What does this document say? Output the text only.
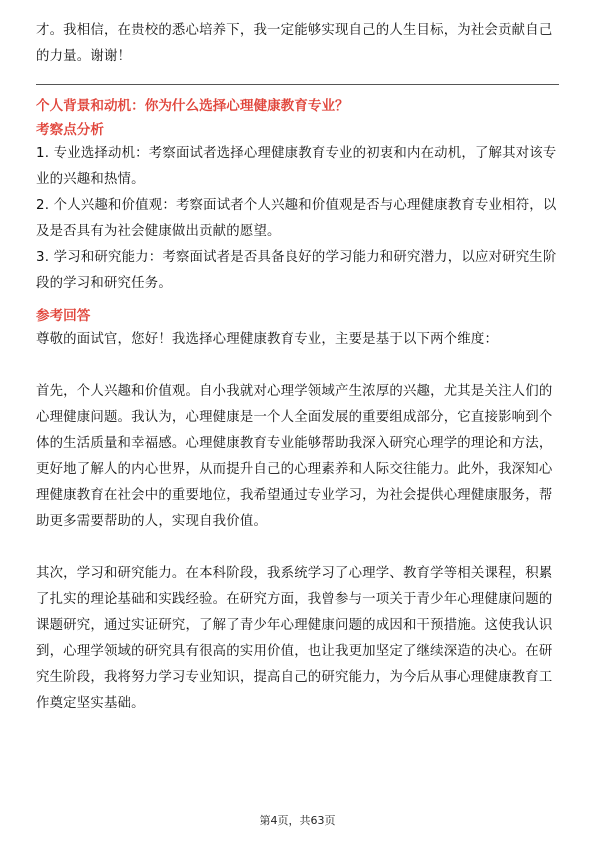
才。我相信，在贵校的悉心培养下，我一定能够实现自己的人生目标，为社会贡献自己的力量。谢谢！

个人背景和动机：你为什么选择心理健康教育专业？
考察点分析

1. 专业选择动机：考察面试者选择心理健康教育专业的初衷和内在动机，了解其对该专业的兴趣和热情。

2. 个人兴趣和价值观：考察面试者个人兴趣和价值观是否与心理健康教育专业相符，以及是否具有为社会健康做出贡献的愿望。

3. 学习和研究能力：考察面试者是否具备良好的学习能力和研究潜力，以应对研究生阶段的学习和研究任务。

参考回答

尊敬的面试官，您好！我选择心理健康教育专业，主要是基于以下两个维度：

首先，个人兴趣和价值观。自小我就对心理学领域产生浓厚的兴趣，尤其是关注人们的心理健康问题。我认为，心理健康是一个人全面发展的重要组成部分，它直接影响到个体的生活质量和幸福感。心理健康教育专业能够帮助我深入研究心理学的理论和方法，更好地了解人的内心世界，从而提升自己的心理素养和人际交往能力。此外，我深知心理健康教育在社会中的重要地位，我希望通过专业学习，为社会提供心理健康服务，帮助更多需要帮助的人，实现自我价值。

其次，学习和研究能力。在本科阶段，我系统学习了心理学、教育学等相关课程，积累了扎实的理论基础和实践经验。在研究方面，我曾参与一项关于青少年心理健康问题的课题研究，通过实证研究，了解了青少年心理健康问题的成因和干预措施。这使我认识到，心理学领域的研究具有很高的实用价值，也让我更加坚定了继续深造的决心。在研究生阶段，我将努力学习专业知识，提高自己的研究能力，为今后从事心理健康教育工作奠定坚实基础。

第4页，共63页
